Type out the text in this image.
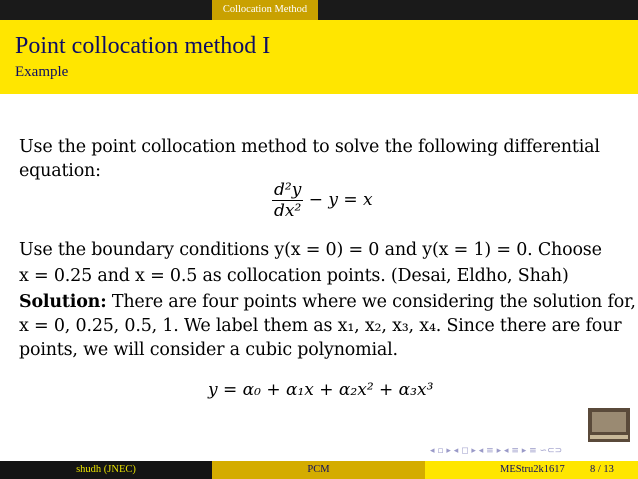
Collocation Method
Point collocation method I
Example
Use the point collocation method to solve the following differential
equation:
$\frac{\text{d²y}}{\text{dx²}} - y = x$
Use the boundary conditions y(x = 0) = 0 and y(x = 1) = 0. Choose
x = 0.25 and x = 0.5 as collocation points. (Desai, Eldho, Shah)
Solution: There are four points where we considering the solution for,
x = 0, 0.25, 0.5, 1. We label them as x₁, x₂, x₃, x₄. Since there are four
points, we will consider a cubic polynomial.
y = α₀ + α₁x + α₂x² + α₃x³
◂ ▫ ▸ ◂ ◻ ▸ ◂ ≡ ▸ ◂ ≡ ▸ ≡ ∽⊂⊃
shudh (JNEC)	PCM	MEStru2k1617 8 / 13
